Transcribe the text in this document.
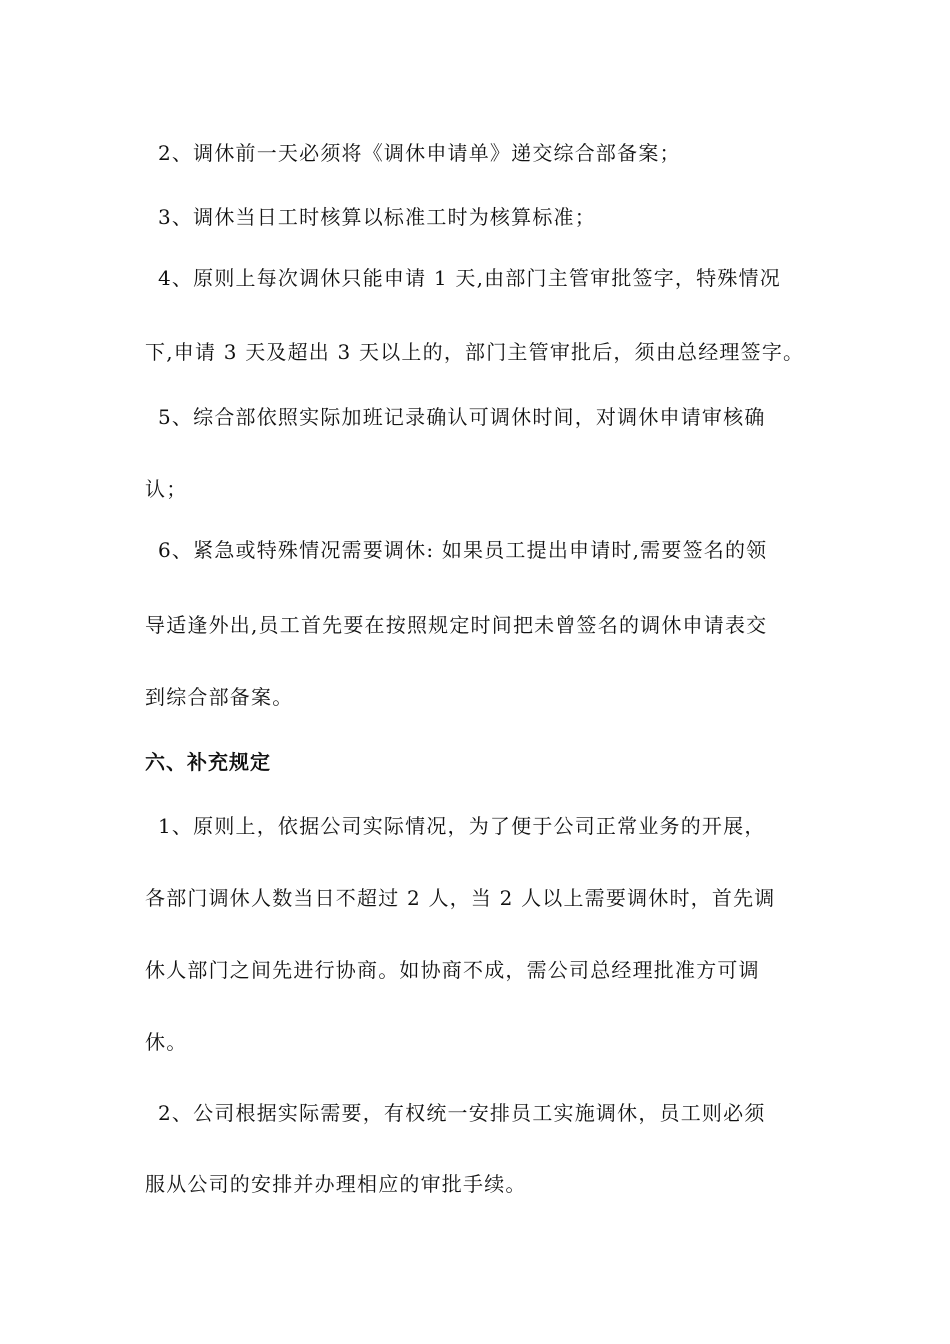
2、调休前一天必须将《调休申请单》递交综合部备案；
3、调休当日工时核算以标准工时为核算标准；
4、原则上每次调休只能申请 1 天,由部门主管审批签字，特殊情况
下,申请 3 天及超出 3 天以上的，部门主管审批后，须由总经理签字。
5、综合部依照实际加班记录确认可调休时间，对调休申请审核确
认；
6、紧急或特殊情况需要调休: 如果员工提出申请时,需要签名的领
导适逢外出,员工首先要在按照规定时间把未曾签名的调休申请表交
到综合部备案。
六、补充规定
1、原则上，依据公司实际情况，为了便于公司正常业务的开展，
各部门调休人数当日不超过 2 人，当 2 人以上需要调休时，首先调
休人部门之间先进行协商。如协商不成，需公司总经理批准方可调
休。
2、公司根据实际需要，有权统一安排员工实施调休，员工则必须
服从公司的安排并办理相应的审批手续。
